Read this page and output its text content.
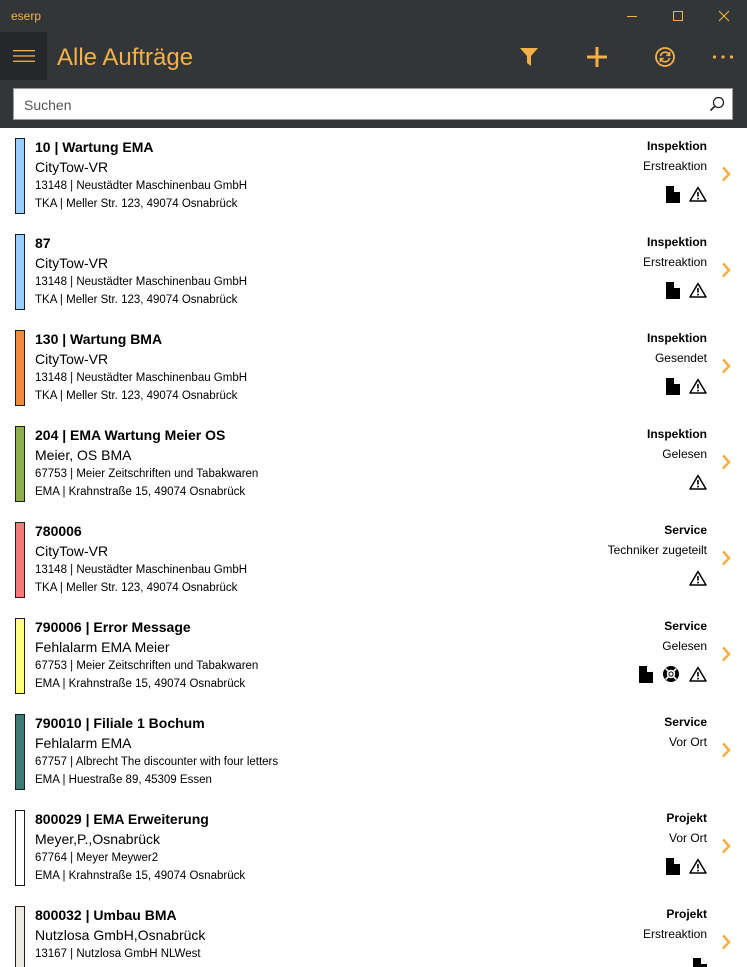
eserp
Alle Aufträge
Suchen
10 | Wartung EMA
CityTow-VR
13148 | Neustädter Maschinenbau GmbH
TKA | Meller Str. 123, 49074 Osnabrück
Inspektion
Erstreaktion
87
CityTow-VR
13148 | Neustädter Maschinenbau GmbH
TKA | Meller Str. 123, 49074 Osnabrück
Inspektion
Erstreaktion
130 | Wartung BMA
CityTow-VR
13148 | Neustädter Maschinenbau GmbH
TKA | Meller Str. 123, 49074 Osnabrück
Inspektion
Gesendet
204 | EMA Wartung Meier OS
Meier, OS BMA
67753 | Meier Zeitschriften und Tabakwaren
EMA | Krahnstraße 15, 49074 Osnabrück
Inspektion
Gelesen
780006
CityTow-VR
13148 | Neustädter Maschinenbau GmbH
TKA | Meller Str. 123, 49074 Osnabrück
Service
Techniker zugeteilt
790006 | Error Message
Fehlalarm EMA Meier
67753 | Meier Zeitschriften und Tabakwaren
EMA | Krahnstraße 15, 49074 Osnabrück
Service
Gelesen
790010 | Filiale 1 Bochum
Fehlalarm EMA
67757 | Albrecht The discounter with four letters
EMA | Huestraße 89, 45309 Essen
Service
Vor Ort
800029 | EMA Erweiterung
Meyer,P.,Osnabrück
67764 | Meyer Meywer2
EMA | Krahnstraße 15, 49074 Osnabrück
Projekt
Vor Ort
800032 | Umbau BMA
Nutzlosa GmbH,Osnabrück
13167 | Nutzlosa GmbH NLWest
Projekt
Erstreaktion
